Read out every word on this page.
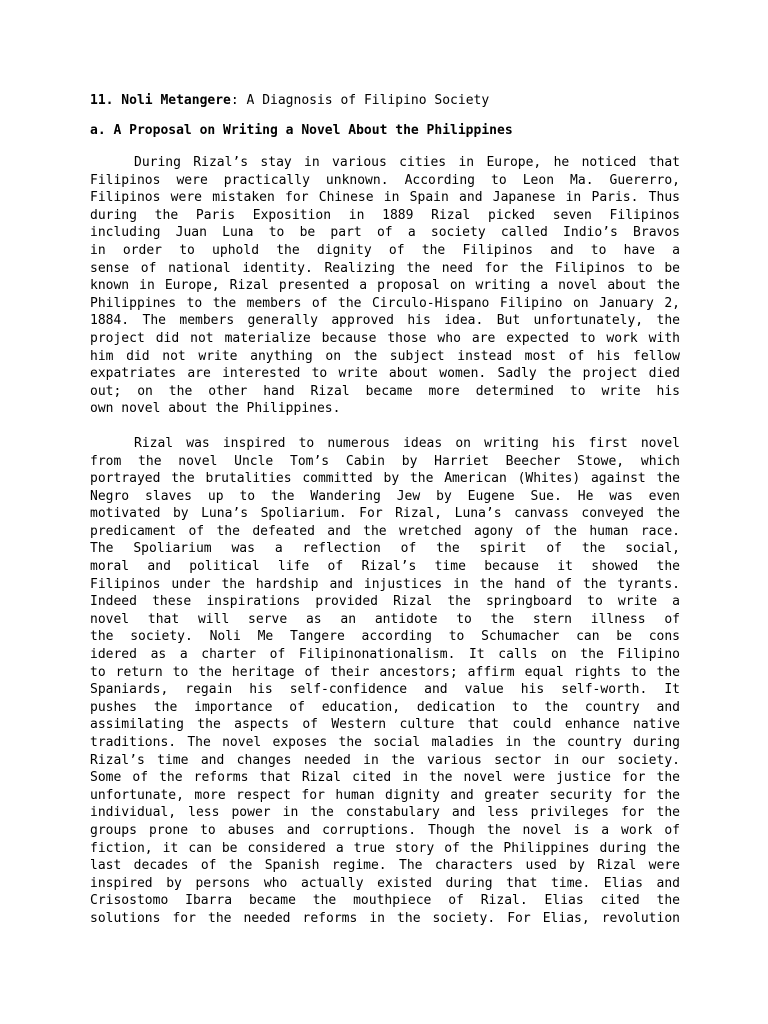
11. Noli Metangere: A Diagnosis of Filipino Society
a. A Proposal on Writing a Novel About the Philippines
During Rizal’s stay in various cities in Europe, he noticed that
Filipinos were practically unknown. According to Leon Ma. Guererro,
Filipinos were mistaken for Chinese in Spain and Japanese in Paris. Thus
during the Paris Exposition in 1889 Rizal picked seven Filipinos
including Juan Luna to be part of a society called Indio’s Bravos
in order to uphold the dignity of the Filipinos and to have a
sense of national identity. Realizing the need for the Filipinos to be
known in Europe, Rizal presented a proposal on writing a novel about the
Philippines to the members of the Circulo-Hispano Filipino on January 2,
1884. The members generally approved his idea. But unfortunately, the
project did not materialize because those who are expected to work with
him did not write anything on the subject instead most of his fellow
expatriates are interested to write about women. Sadly the project died
out; on the other hand Rizal became more determined to write his
own novel about the Philippines.
Rizal was inspired to numerous ideas on writing his first novel
from the novel Uncle Tom’s Cabin by Harriet Beecher Stowe, which
portrayed the brutalities committed by the American (Whites) against the
Negro slaves up to the Wandering Jew by Eugene Sue. He was even
motivated by Luna’s Spoliarium. For Rizal, Luna’s canvass conveyed the
predicament of the defeated and the wretched agony of the human race.
The Spoliarium was a reflection of the spirit of the social,
moral and political life of Rizal’s time because it showed the
Filipinos under the hardship and injustices in the hand of the tyrants.
Indeed these inspirations provided Rizal the springboard to write a
novel that will serve as an antidote to the stern illness of
the society. Noli Me Tangere according to Schumacher can be cons
idered as a charter of Filipinonationalism. It calls on the Filipino
to return to the heritage of their ancestors; affirm equal rights to the
Spaniards, regain his self-confidence and value his self-worth. It
pushes the importance of education, dedication to the country and
assimilating the aspects of Western culture that could enhance native
traditions. The novel exposes the social maladies in the country during
Rizal’s time and changes needed in the various sector in our society.
Some of the reforms that Rizal cited in the novel were justice for the
unfortunate, more respect for human dignity and greater security for the
individual, less power in the constabulary and less privileges for the
groups prone to abuses and corruptions. Though the novel is a work of
fiction, it can be considered a true story of the Philippines during the
last decades of the Spanish regime. The characters used by Rizal were
inspired by persons who actually existed during that time. Elias and
Crisostomo Ibarra became the mouthpiece of Rizal. Elias cited the
solutions for the needed reforms in the society. For Elias, revolution
